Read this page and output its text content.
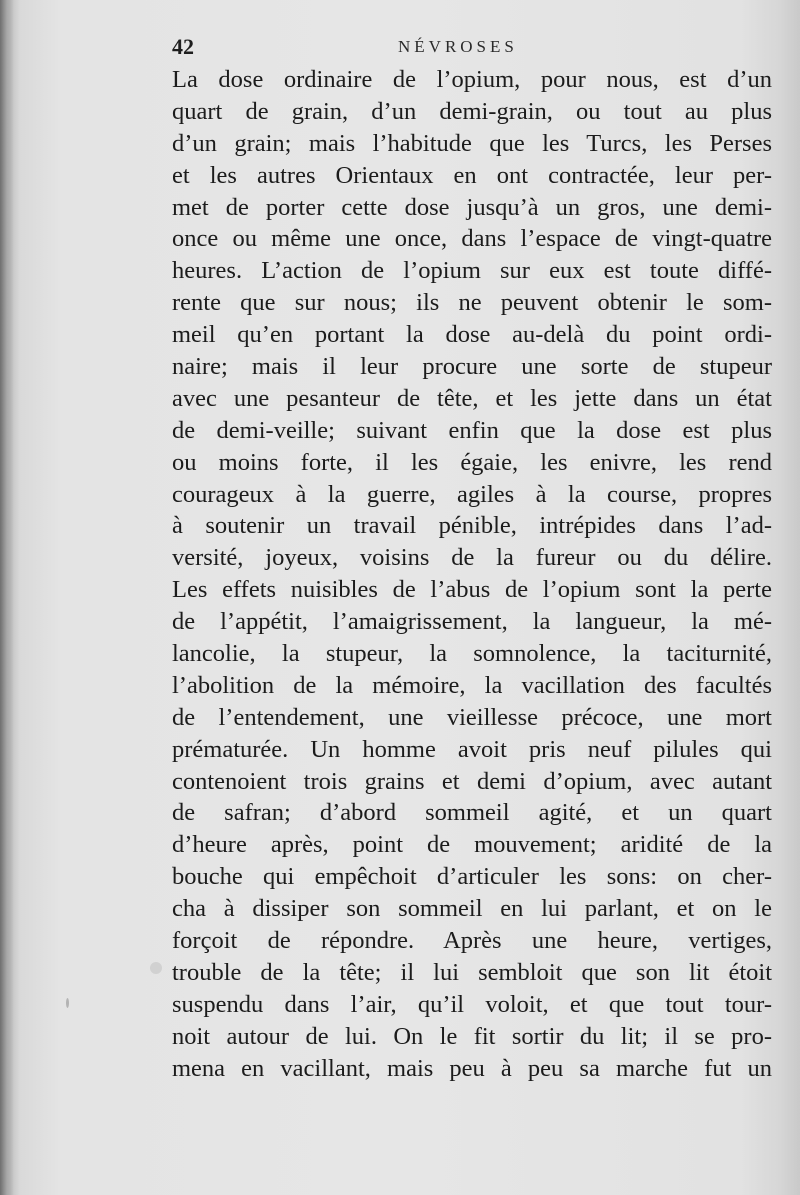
42	NÉVROSES
La dose ordinaire de l’opium, pour nous, est d’un
quart de grain, d’un demi-grain, ou tout au plus
d’un grain; mais l’habitude que les Turcs, les Perses
et les autres Orientaux en ont contractée, leur per-
met de porter cette dose jusqu’à un gros, une demi-
once ou même une once, dans l’espace de vingt-quatre
heures. L’action de l’opium sur eux est toute diffé-
rente que sur nous; ils ne peuvent obtenir le som-
meil qu’en portant la dose au-delà du point ordi-
naire; mais il leur procure une sorte de stupeur
avec une pesanteur de tête, et les jette dans un état
de demi-veille; suivant enfin que la dose est plus
ou moins forte, il les égaie, les enivre, les rend
courageux à la guerre, agiles à la course, propres
à soutenir un travail pénible, intrépides dans l’ad-
versité, joyeux, voisins de la fureur ou du délire.
Les effets nuisibles de l’abus de l’opium sont la perte
de l’appétit, l’amaigrissement, la langueur, la mé-
lancolie, la stupeur, la somnolence, la taciturnité,
l’abolition de la mémoire, la vacillation des facultés
de l’entendement, une vieillesse précoce, une mort
prématurée. Un homme avoit pris neuf pilules qui
contenoient trois grains et demi d’opium, avec autant
de safran; d’abord sommeil agité, et un quart
d’heure après, point de mouvement; aridité de la
bouche qui empêchoit d’articuler les sons: on cher-
cha à dissiper son sommeil en lui parlant, et on le
forçoit de répondre. Après une heure, vertiges,
trouble de la tête; il lui sembloit que son lit étoit
suspendu dans l’air, qu’il voloit, et que tout tour-
noit autour de lui. On le fit sortir du lit; il se pro-
mena en vacillant, mais peu à peu sa marche fut un
